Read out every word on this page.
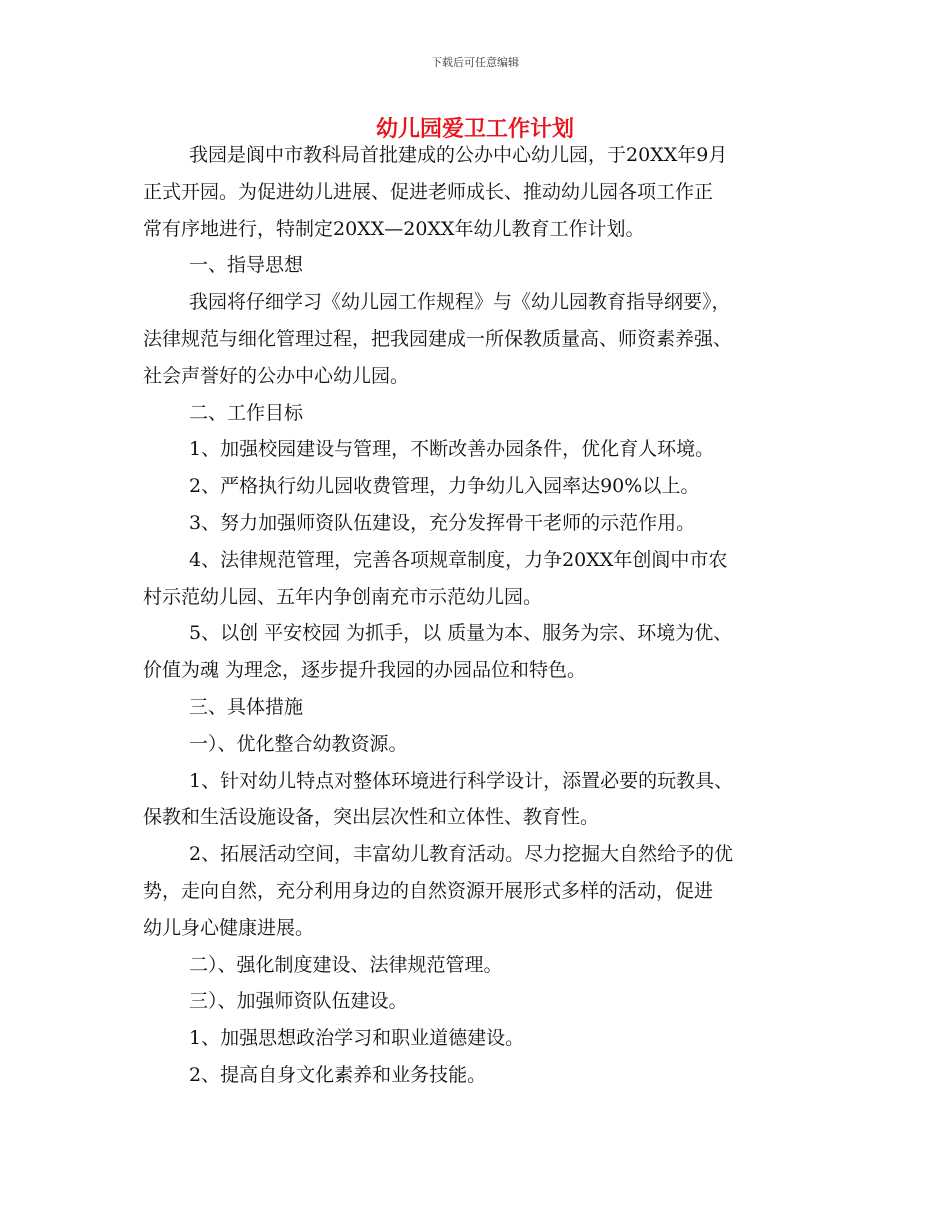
下载后可任意编辑
幼儿园爱卫工作计划
我园是阆中市教科局首批建成的公办中心幼儿园，于20XX年9月
正式开园。为促进幼儿进展、促进老师成长、推动幼儿园各项工作正
常有序地进行，特制定20XX—20XX年幼儿教育工作计划。
一、指导思想
我园将仔细学习《幼儿园工作规程》与《幼儿园教育指导纲要》，
法律规范与细化管理过程，把我园建成一所保教质量高、师资素养强、
社会声誉好的公办中心幼儿园。
二、工作目标
1、加强校园建设与管理，不断改善办园条件，优化育人环境。
2、严格执行幼儿园收费管理，力争幼儿入园率达90%以上。
3、努力加强师资队伍建设，充分发挥骨干老师的示范作用。
4、法律规范管理，完善各项规章制度，力争20XX年创阆中市农
村示范幼儿园、五年内争创南充市示范幼儿园。
5、以创 平安校园 为抓手，以 质量为本、服务为宗、环境为优、
价值为魂 为理念，逐步提升我园的办园品位和特色。
三、具体措施
一）、优化整合幼教资源。
1、针对幼儿特点对整体环境进行科学设计，添置必要的玩教具、
保教和生活设施设备，突出层次性和立体性、教育性。
2、拓展活动空间，丰富幼儿教育活动。尽力挖掘大自然给予的优
势，走向自然，充分利用身边的自然资源开展形式多样的活动，促进
幼儿身心健康进展。
二）、强化制度建设、法律规范管理。
三）、加强师资队伍建设。
1、加强思想政治学习和职业道德建设。
2、提高自身文化素养和业务技能。
